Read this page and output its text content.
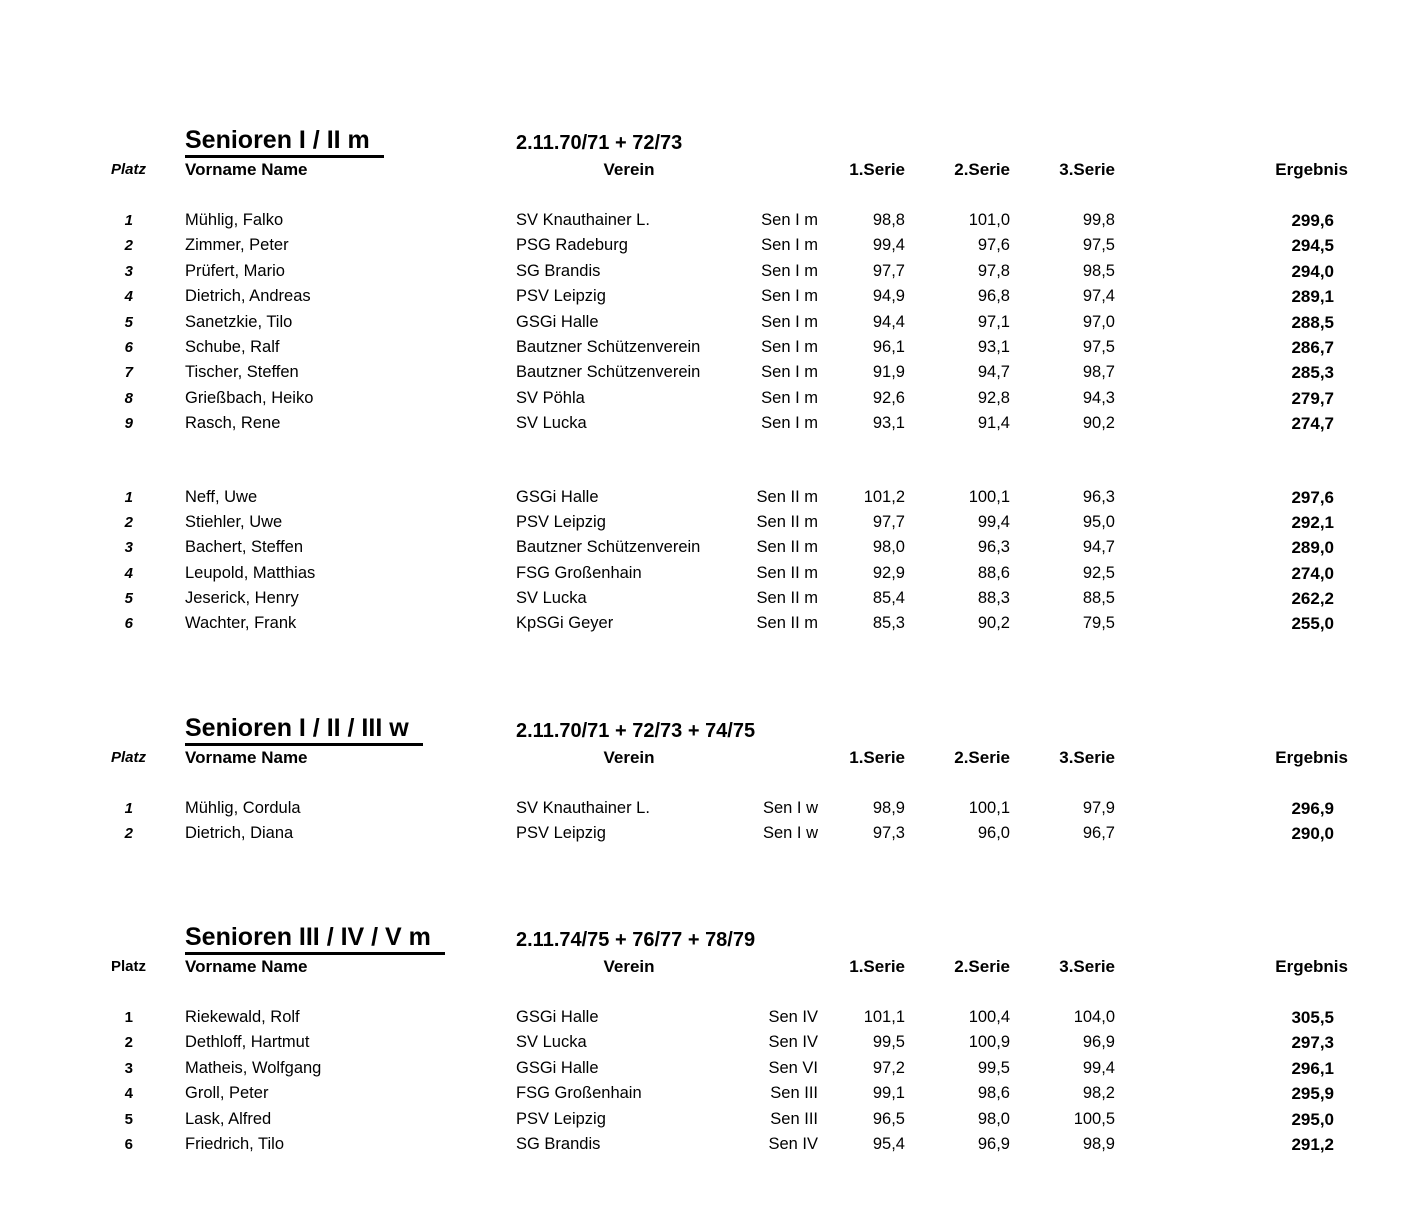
Senioren I / II m	2.11.70/71 + 72/73
Platz	Vorname Name	Verein	1.Serie	2.Serie	3.Serie	Ergebnis
1	Mühlig, Falko	SV Knauthainer L.	Sen I m	98,8	101,0	99,8	299,6
2	Zimmer, Peter	PSG Radeburg	Sen I m	99,4	97,6	97,5	294,5
3	Prüfert, Mario	SG Brandis	Sen I m	97,7	97,8	98,5	294,0
4	Dietrich, Andreas	PSV Leipzig	Sen I m	94,9	96,8	97,4	289,1
5	Sanetzkie, Tilo	GSGi Halle	Sen I m	94,4	97,1	97,0	288,5
6	Schube, Ralf	Bautzner Schützenverein	Sen I m	96,1	93,1	97,5	286,7
7	Tischer, Steffen	Bautzner Schützenverein	Sen I m	91,9	94,7	98,7	285,3
8	Grießbach, Heiko	SV Pöhla	Sen I m	92,6	92,8	94,3	279,7
9	Rasch, Rene	SV Lucka	Sen I m	93,1	91,4	90,2	274,7
1	Neff, Uwe	GSGi Halle	Sen II m	101,2	100,1	96,3	297,6
2	Stiehler, Uwe	PSV Leipzig	Sen II m	97,7	99,4	95,0	292,1
3	Bachert, Steffen	Bautzner Schützenverein	Sen II m	98,0	96,3	94,7	289,0
4	Leupold, Matthias	FSG Großenhain	Sen II m	92,9	88,6	92,5	274,0
5	Jeserick, Henry	SV Lucka	Sen II m	85,4	88,3	88,5	262,2
6	Wachter, Frank	KpSGi Geyer	Sen II m	85,3	90,2	79,5	255,0
Senioren I / II / III w	2.11.70/71 + 72/73 + 74/75
Platz	Vorname Name	Verein	1.Serie	2.Serie	3.Serie	Ergebnis
1	Mühlig, Cordula	SV Knauthainer L.	Sen I w	98,9	100,1	97,9	296,9
2	Dietrich, Diana	PSV Leipzig	Sen I w	97,3	96,0	96,7	290,0
Senioren III / IV / V m	2.11.74/75 + 76/77 + 78/79
Platz	Vorname Name	Verein	1.Serie	2.Serie	3.Serie	Ergebnis
1	Riekewald, Rolf	GSGi Halle	Sen IV	101,1	100,4	104,0	305,5
2	Dethloff, Hartmut	SV Lucka	Sen IV	99,5	100,9	96,9	297,3
3	Matheis, Wolfgang	GSGi Halle	Sen VI	97,2	99,5	99,4	296,1
4	Groll, Peter	FSG Großenhain	Sen III	99,1	98,6	98,2	295,9
5	Lask, Alfred	PSV Leipzig	Sen III	96,5	98,0	100,5	295,0
6	Friedrich, Tilo	SG Brandis	Sen IV	95,4	96,9	98,9	291,2
